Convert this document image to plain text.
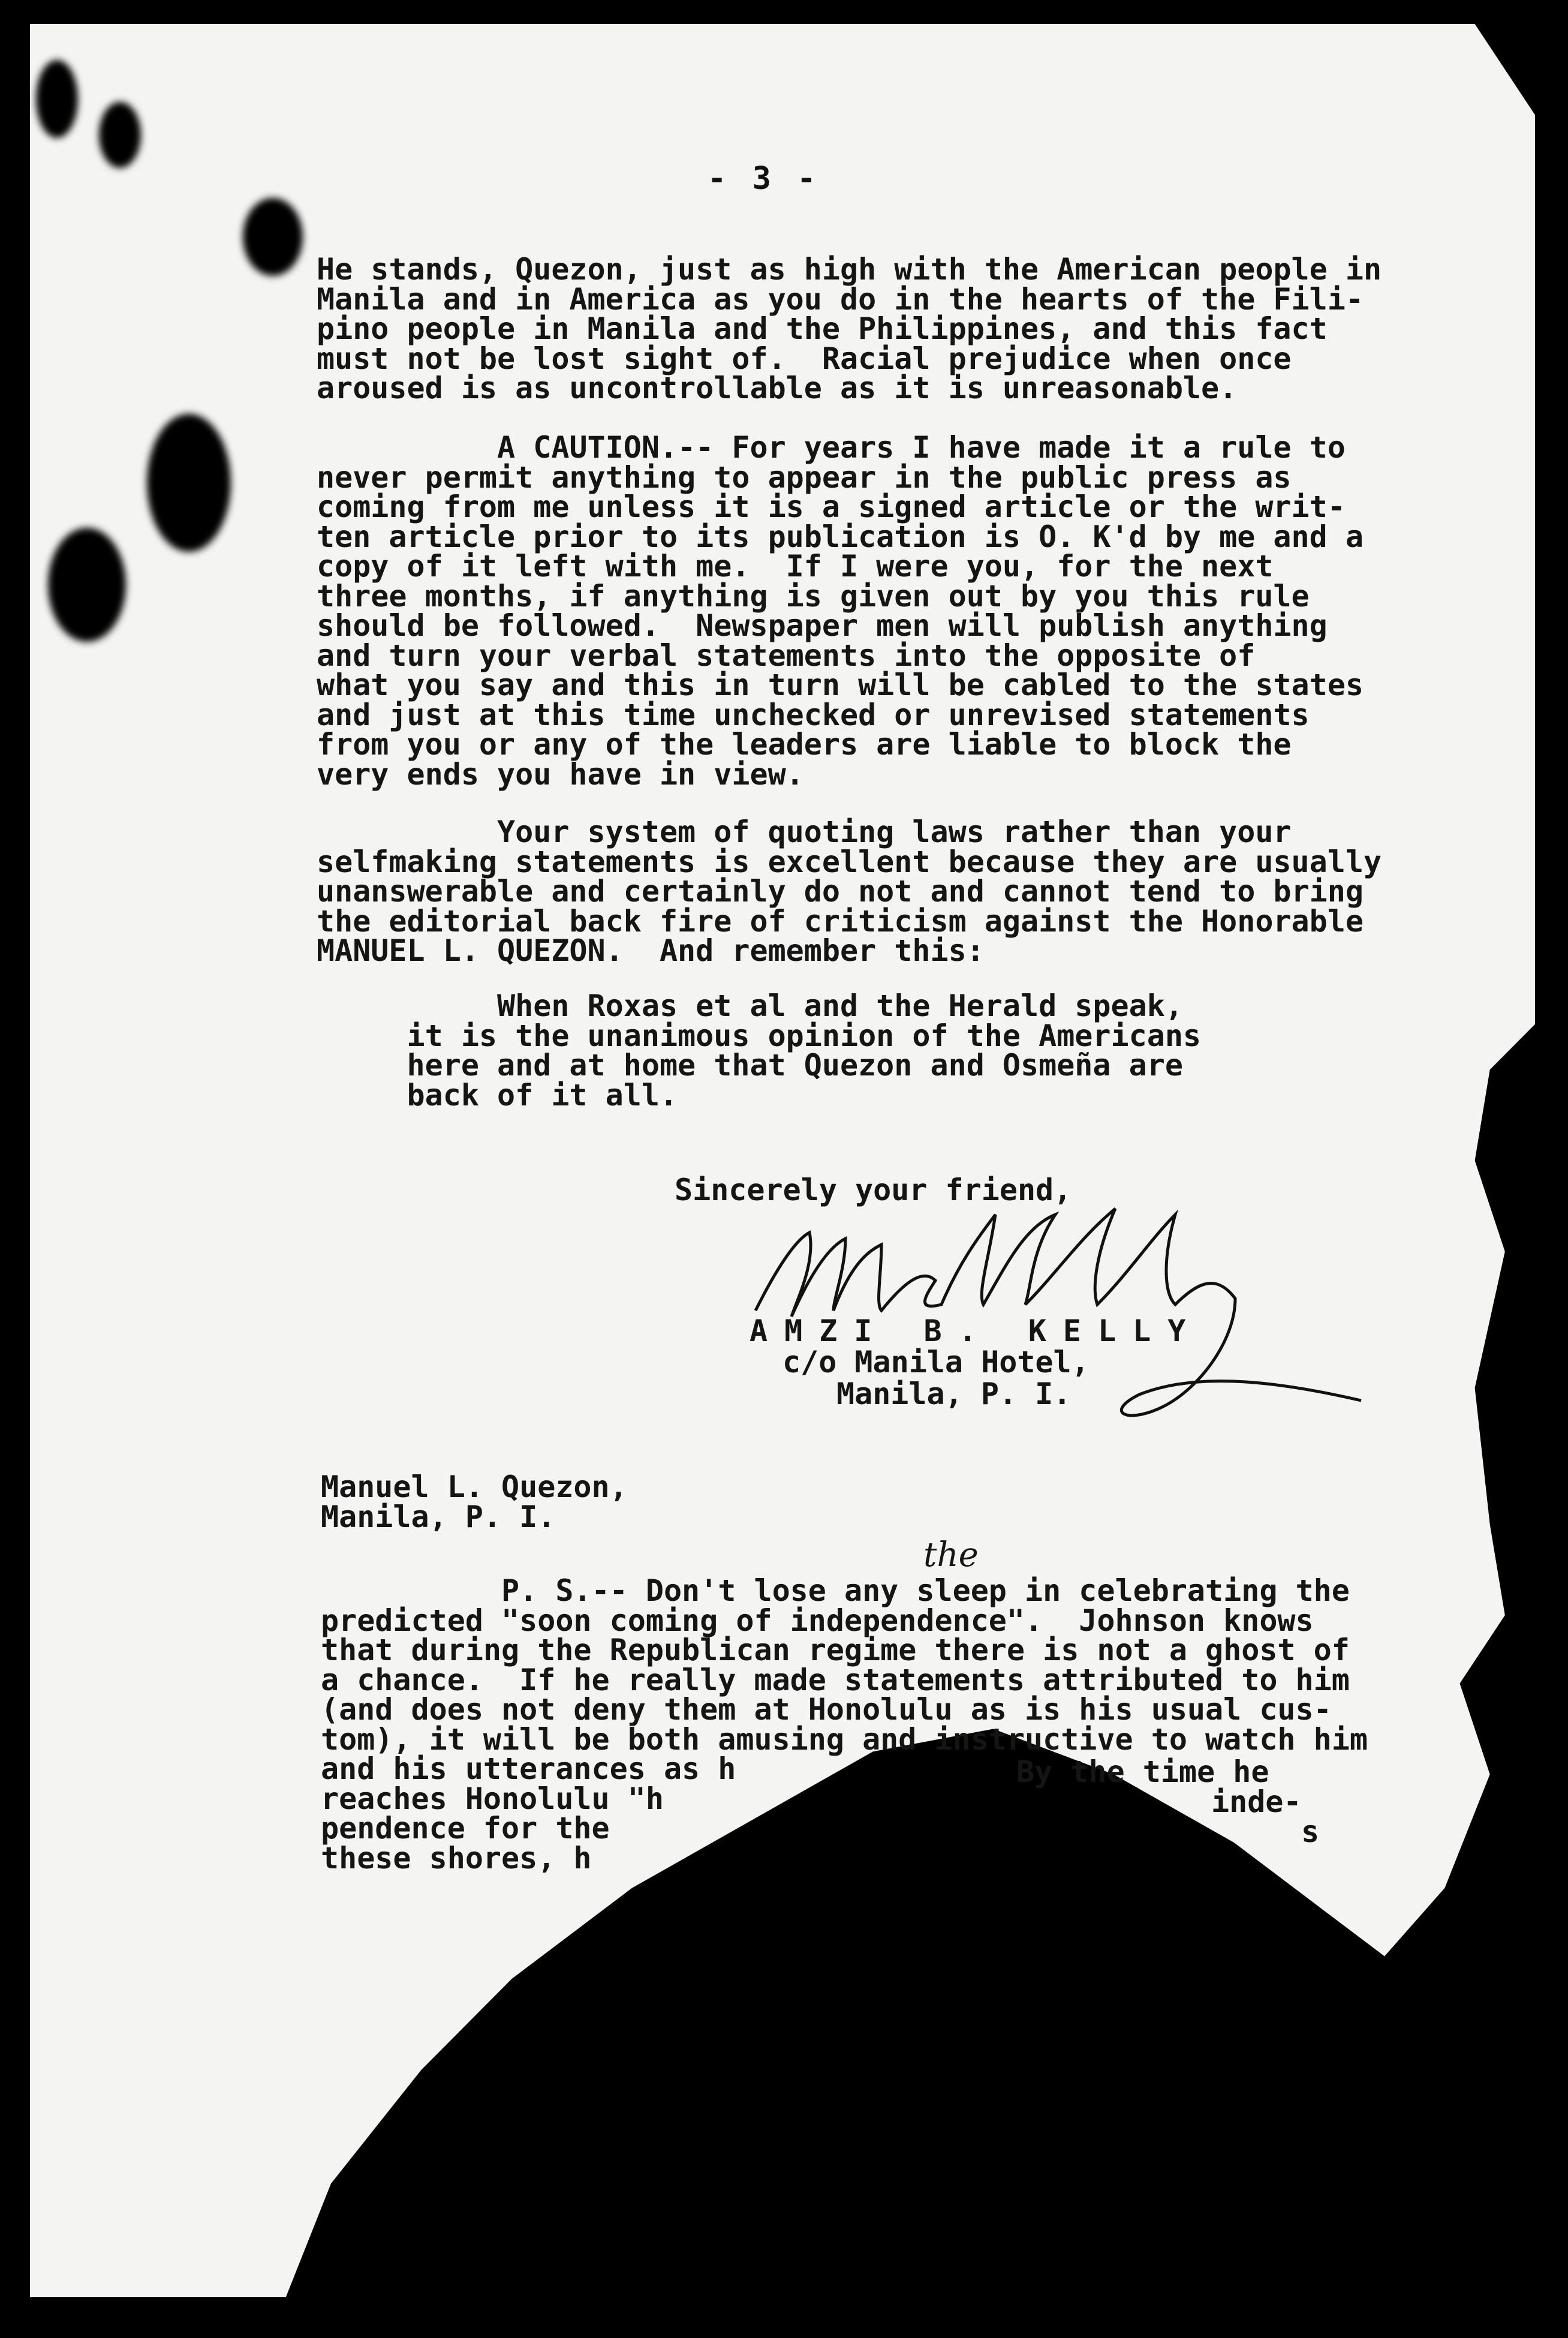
- 3 -

He stands, Quezon, just as high with the American people in
Manila and in America as you do in the hearts of the Fili-
pino people in Manila and the Philippines, and this fact
must not be lost sight of.  Racial prejudice when once
aroused is as uncontrollable as it is unreasonable.

A CAUTION.-- For years I have made it a rule to
never permit anything to appear in the public press as
coming from me unless it is a signed article or the writ-
ten article prior to its publication is O. K'd by me and a
copy of it left with me.  If I were you, for the next
three months, if anything is given out by you this rule
should be followed.  Newspaper men will publish anything
and turn your verbal statements into the opposite of
what you say and this in turn will be cabled to the states
and just at this time unchecked or unrevised statements
from you or any of the leaders are liable to block the
very ends you have in view.

Your system of quoting laws rather than your
selfmaking statements is excellent because they are usually
unanswerable and certainly do not and cannot tend to bring
the editorial back fire of criticism against the Honorable
MANUEL L. QUEZON.  And remember this:

When Roxas et al and the Herald speak,
it is the unanimous opinion of the Americans
here and at home that Quezon and Osmeña are
back of it all.

Sincerely your friend,
AMZI B. KELLY
c/o Manila Hotel,
Manila, P. I.
Manuel L. Quezon,
Manila, P. I.

P. S.-- Don't lose any sleep in celebrating the
predicted "soon coming of independence".  Johnson knows
that during the Republican regime there is not a ghost of
a chance.  If he really made statements attributed to him
(and does not deny them at Honolulu as is his usual cus-
tom), it will be both amusing and instructive to watch him
and his utterances as h
reaches Honolulu "h
pendence for the
these shores, h

By the time he
inde-
s
the
